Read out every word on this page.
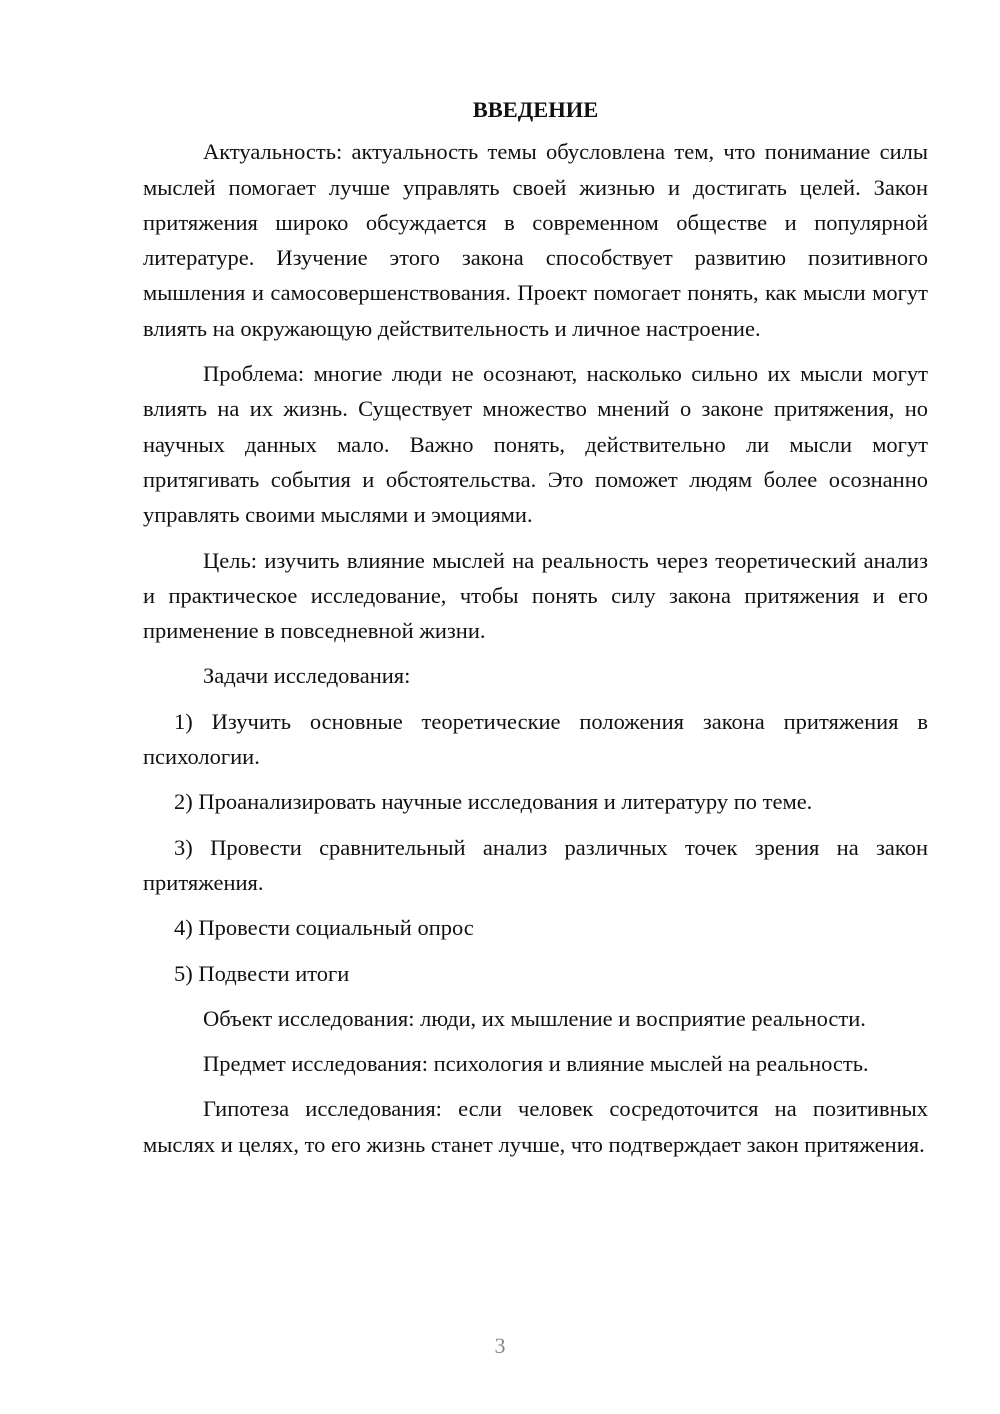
ВВЕДЕНИЕ

Актуальность: актуальность темы обусловлена тем, что понимание силы мыслей помогает лучше управлять своей жизнью и достигать целей. Закон притяжения широко обсуждается в современном обществе и популярной литературе. Изучение этого закона способствует развитию позитивного мышления и самосовершенствования. Проект помогает понять, как мысли могут влиять на окружающую действительность и личное настроение.

Проблема: многие люди не осознают, насколько сильно их мысли могут влиять на их жизнь. Существует множество мнений о законе притяжения, но научных данных мало. Важно понять, действительно ли мысли могут притягивать события и обстоятельства. Это поможет людям более осознанно управлять своими мыслями и эмоциями.

Цель: изучить влияние мыслей на реальность через теоретический анализ и практическое исследование, чтобы понять силу закона притяжения и его применение в повседневной жизни.

Задачи исследования:

1) Изучить основные теоретические положения закона притяжения в психологии.

2) Проанализировать научные исследования и литературу по теме.

3) Провести сравнительный анализ различных точек зрения на закон притяжения.

4) Провести социальный опрос

5) Подвести итоги

Объект исследования: люди, их мышление и восприятие реальности.

Предмет исследования: психология и влияние мыслей на реальность.

Гипотеза исследования: если человек сосредоточится на позитивных мыслях и целях, то его жизнь станет лучше, что подтверждает закон притяжения.

3
